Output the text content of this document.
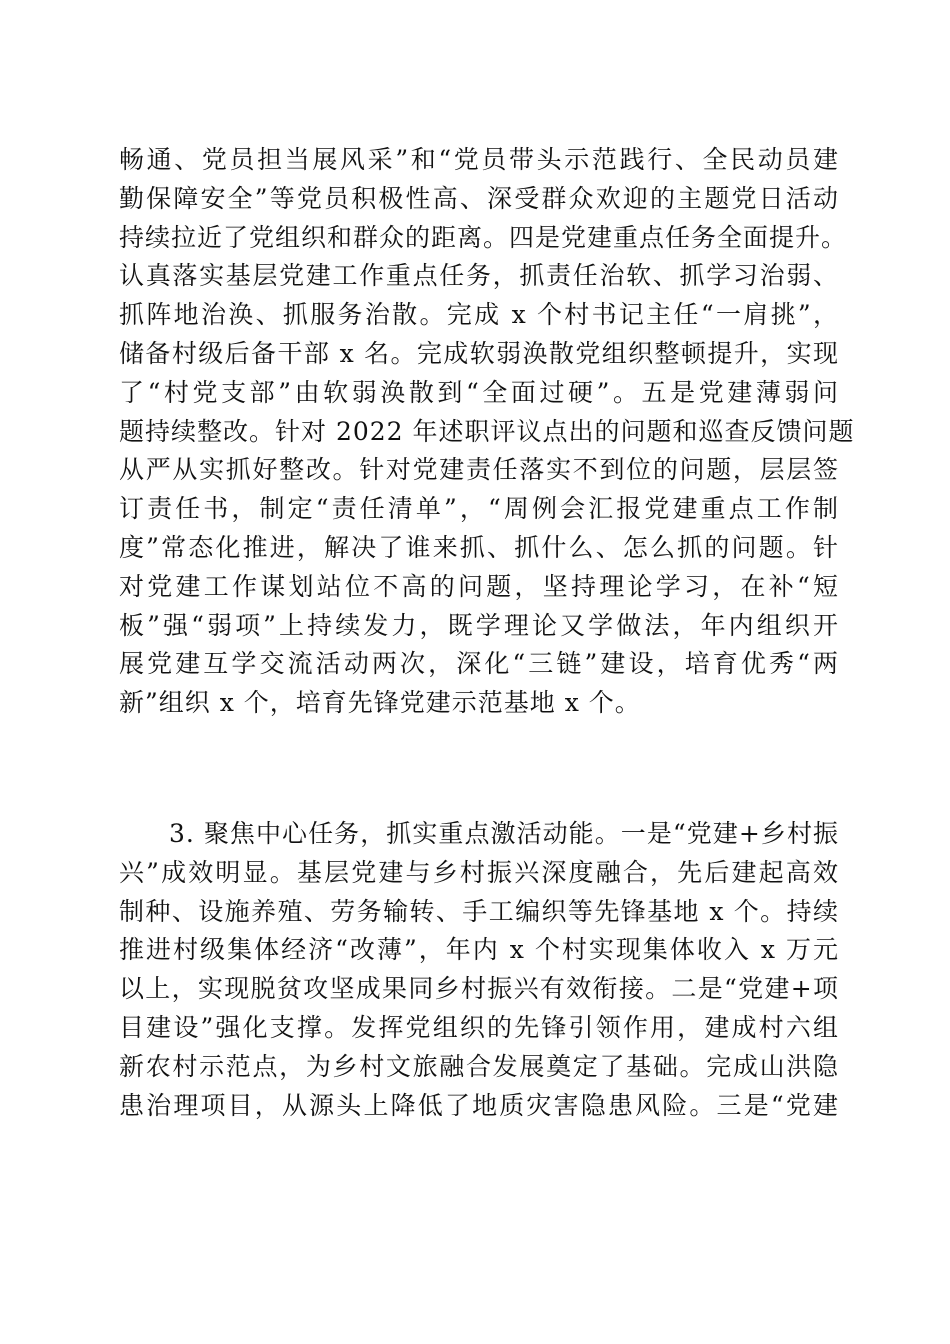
畅通、党员担当展风采”和“党员带头示范践行、全民动员建
勤保障安全”等党员积极性高、深受群众欢迎的主题党日活动
持续拉近了党组织和群众的距离。四是党建重点任务全面提升。
认真落实基层党建工作重点任务，抓责任治软、抓学习治弱、
抓阵地治涣、抓服务治散。完成 x 个村书记主任“一肩挑”，
储备村级后备干部 x 名。完成软弱涣散党组织整顿提升，实现
了“村党支部”由软弱涣散到“全面过硬”。五是党建薄弱问
题持续整改。针对 2022 年述职评议点出的问题和巡查反馈问题
从严从实抓好整改。针对党建责任落实不到位的问题，层层签
订责任书，制定“责任清单”，“周例会汇报党建重点工作制
度”常态化推进，解决了谁来抓、抓什么、怎么抓的问题。针
对党建工作谋划站位不高的问题，坚持理论学习，在补“短
板”强“弱项”上持续发力，既学理论又学做法，年内组织开
展党建互学交流活动两次，深化“三链”建设，培育优秀“两
新”组织 x 个，培育先锋党建示范基地 x 个。
3. 聚焦中心任务，抓实重点激活动能。一是“党建+乡村振
兴”成效明显。基层党建与乡村振兴深度融合，先后建起高效
制种、设施养殖、劳务输转、手工编织等先锋基地 x 个。持续
推进村级集体经济“改薄”，年内 x 个村实现集体收入 x 万元
以上，实现脱贫攻坚成果同乡村振兴有效衔接。二是“党建+项
目建设”强化支撑。发挥党组织的先锋引领作用，建成村六组
新农村示范点，为乡村文旅融合发展奠定了基础。完成山洪隐
患治理项目，从源头上降低了地质灾害隐患风险。三是“党建
